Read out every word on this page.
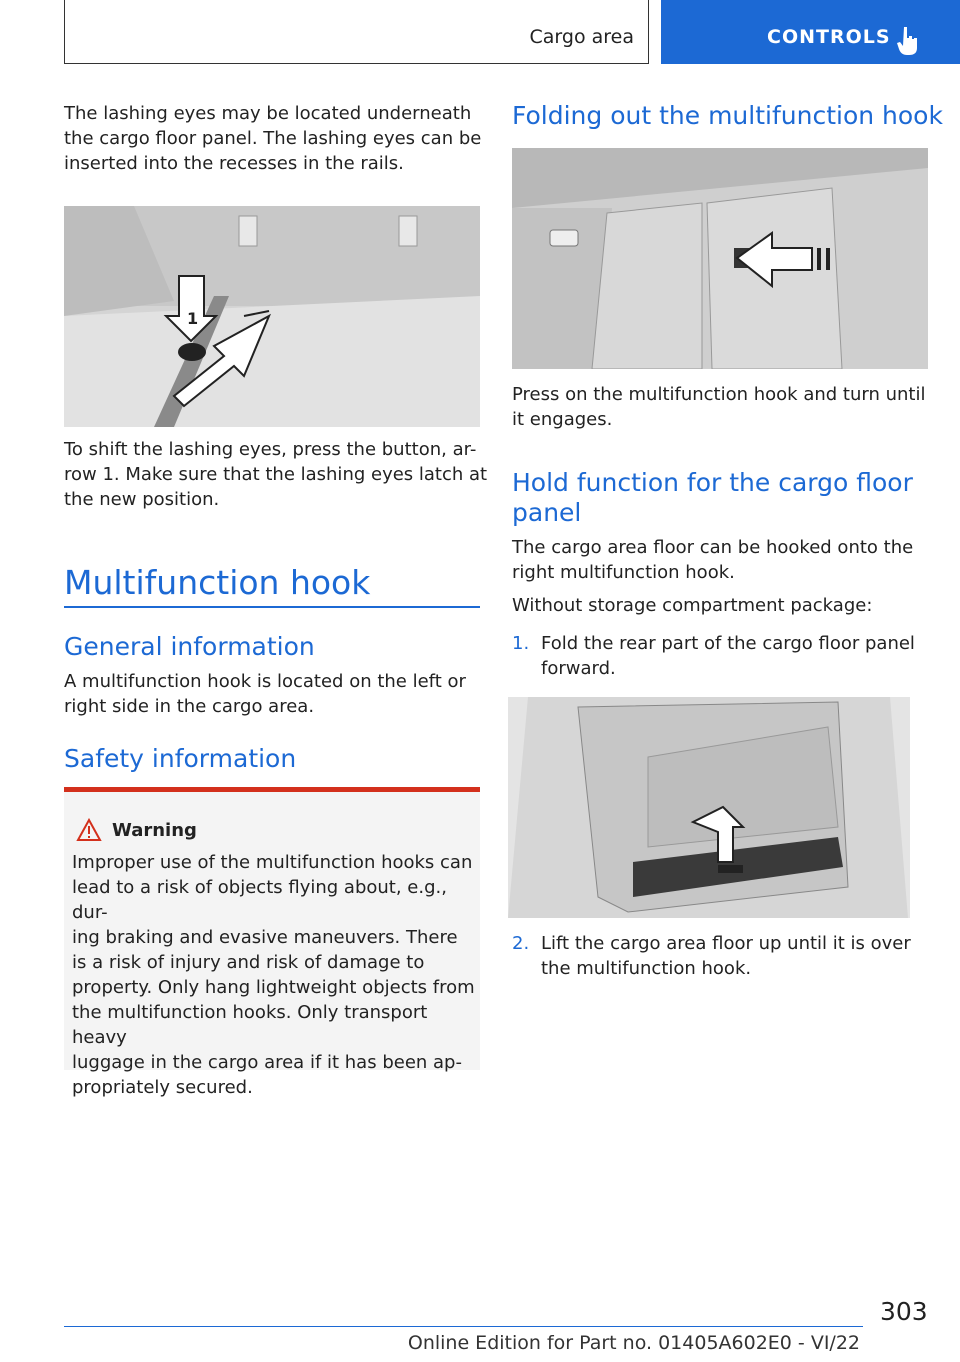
Cargo area	CONTROLS
The lashing eyes may be located underneath
the cargo floor panel. The lashing eyes can be
inserted into the recesses in the rails.
1
To shift the lashing eyes, press the button, ar-
row 1. Make sure that the lashing eyes latch at
the new position.
Multifunction hook
General information
A multifunction hook is located on the left or
right side in the cargo area.
Safety information
Warning
Improper use of the multifunction hooks can
lead to a risk of objects flying about, e.g., dur-
ing braking and evasive maneuvers. There
is a risk of injury and risk of damage to
property. Only hang lightweight objects from
the multifunction hooks. Only transport heavy
luggage in the cargo area if it has been ap-
propriately secured.
Folding out the multifunction hook
Press on the multifunction hook and turn until
it engages.
Hold function for the cargo floor
panel
The cargo area floor can be hooked onto the
right multifunction hook.
Without storage compartment package:
1. Fold the rear part of the cargo floor panel
forward.
2. Lift the cargo area floor up until it is over
the multifunction hook.
303
Online Edition for Part no. 01405A602E0 - VI/22
